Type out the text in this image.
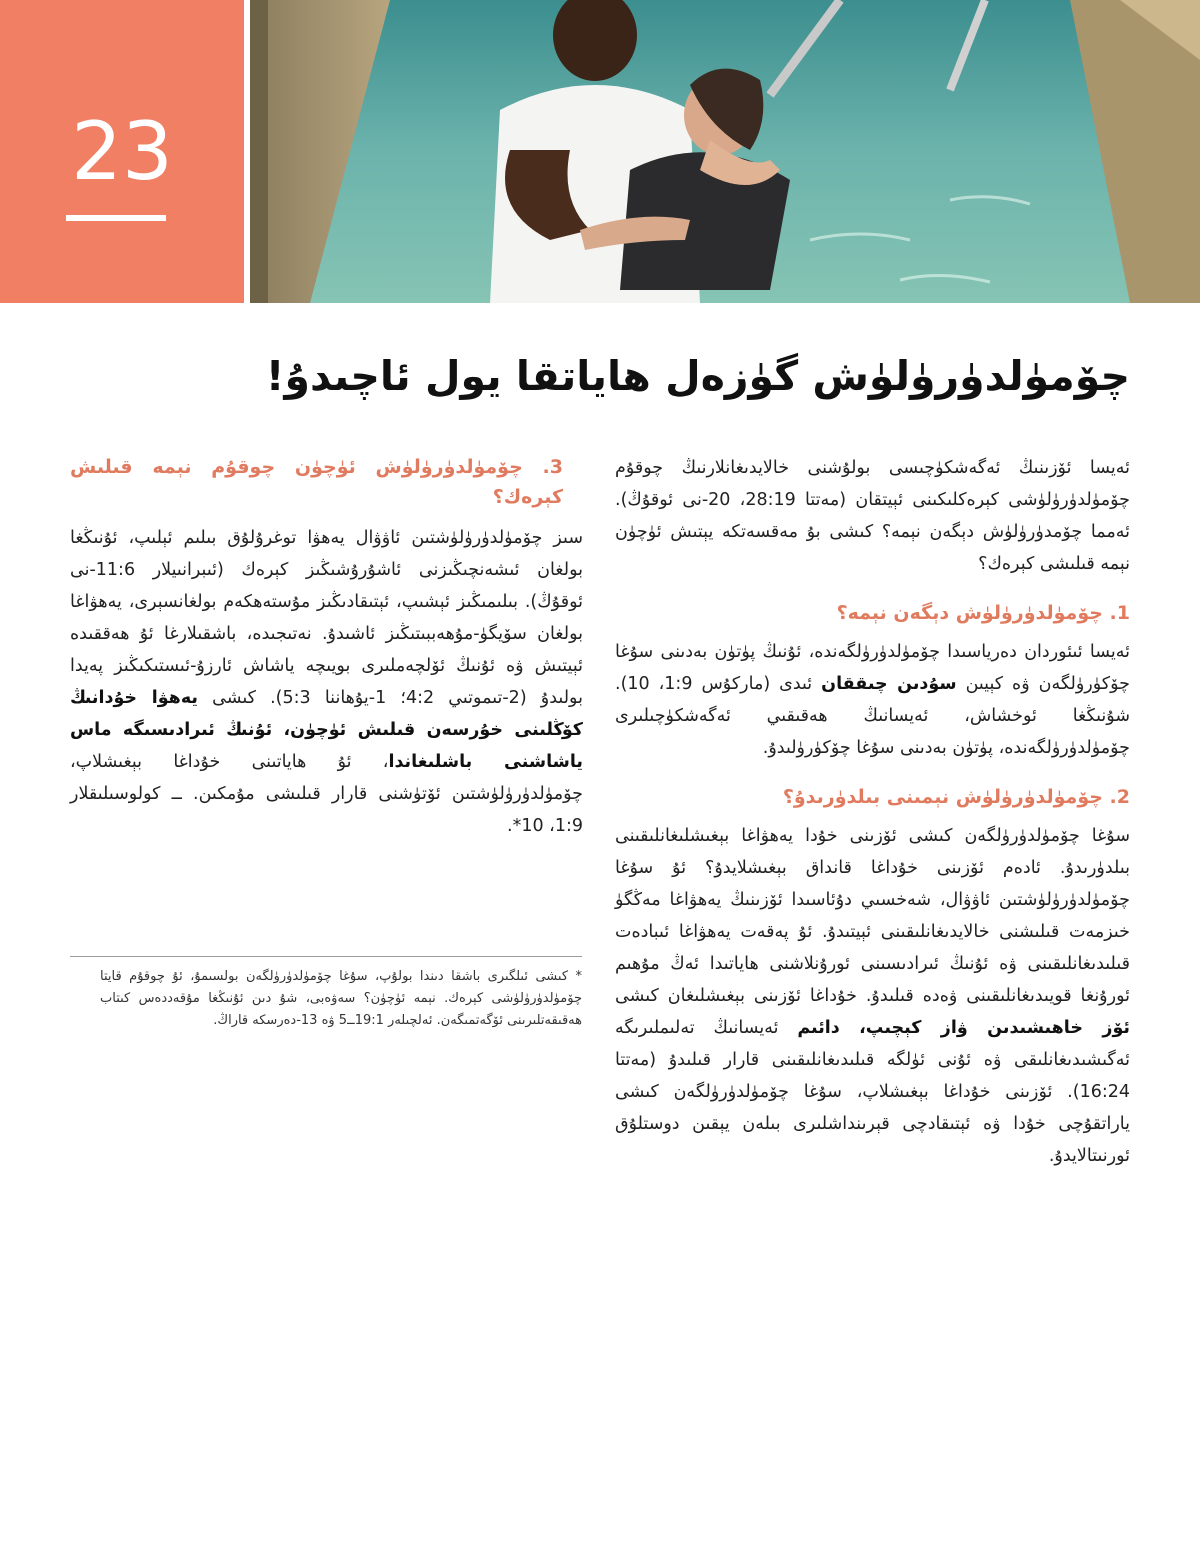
23
چۆمۈلدۈرۈلۈش گۈزەل ھاياتقا يول ئاچىدۇ!

ئەيسا ئۆزىنىڭ ئەگەشكۈچىسى بولۇشنى خالايدىغانلارنىڭ چوقۇم چۆمۈلدۈرۈلۈشى كېرەكلىكىنى ئېيتقان (مەتتا 28:19، 20-نى ئوقۇڭ). ئەمما چۆمدۈرۈلۈش دېگەن نېمە؟ كىشى بۇ مەقسەتكە يېتىش ئۈچۈن نېمە قىلىشى كېرەك؟

1. چۆمۈلدۈرۈلۈش دېگەن نېمە؟

ئەيسا ئىئوردان دەرياسىدا چۆمۈلدۈرۈلگەندە، ئۇنىڭ پۈتۈن بەدىنى سۇغا چۆكۈرۈلگەن ۋە كېيىن سۇدىن چىققان ئىدى (ماركۇس 1:9، 10). شۇنىڭغا ئوخشاش، ئەيسانىڭ ھەقىقىي ئەگەشكۈچىلىرى چۆمۈلدۈرۈلگەندە، پۈتۈن بەدىنى سۇغا چۆكۈرۈلىدۇ.

2. چۆمۈلدۈرۈلۈش نېمىنى بىلدۈرىدۇ؟

سۇغا چۆمۈلدۈرۈلگەن كىشى ئۆزىنى خۇدا يەھۋاغا بېغىشلىغانلىقىنى بىلدۈرىدۇ. ئادەم ئۆزىنى خۇداغا قانداق بېغىشلايدۇ؟ ئۇ سۇغا چۆمۈلدۈرۈلۈشتىن ئاۋۋال، شەخسىي دۇئاسىدا ئۆزىنىڭ يەھۋاغا مەڭگۈ خىزمەت قىلىشنى خالايدىغانلىقىنى ئېيتىدۇ. ئۇ پەقەت يەھۋاغا ئىبادەت قىلىدىغانلىقىنى ۋە ئۇنىڭ ئىرادىسىنى ئورۇنلاشنى ھاياتىدا ئەڭ مۇھىم ئورۇنغا قويىدىغانلىقىنى ۋەدە قىلىدۇ. خۇداغا ئۆزىنى بېغىشلىغان كىشى ئۆز خاھىشىدىن ۋاز كېچىپ، دائىم ئەيسانىڭ تەلىملىرىگە ئەگىشىدىغانلىقى ۋە ئۇنى ئۈلگە قىلىدىغانلىقىنى قارار قىلىدۇ (مەتتا 16:24). ئۆزىنى خۇداغا بېغىشلاپ، سۇغا چۆمۈلدۈرۈلگەن كىشى ياراتقۇچى خۇدا ۋە ئېتىقادچى قېرىنداشلىرى بىلەن يېقىن دوستلۇق ئورنىتالايدۇ.

3. چۆمۈلدۈرۈلۈش ئۈچۈن چوقۇم نېمە قىلىش كېرەك؟

سىز چۆمۈلدۈرۈلۈشتىن ئاۋۋال يەھۋا توغرۇلۇق بىلىم ئېلىپ، ئۇنىڭغا بولغان ئىشەنچىڭىزنى ئاشۇرۇشىڭىز كېرەك (ئىبرانىيلار 11:6-نى ئوقۇڭ). بىلىمىڭىز ئېشىپ، ئېتىقادىڭىز مۇستەھكەم بولغانسېرى، يەھۋاغا بولغان سۆيگۈ-مۇھەببىتىڭىز ئاشىدۇ. نەتىجىدە، باشقىلارغا ئۇ ھەققىدە ئېيتىش ۋە ئۇنىڭ ئۆلچەملىرى بويىچە ياشاش ئارزۇ-ئىستىكىڭىز پەيدا بولىدۇ (2-تىموتىي 4:2؛ 1-يۇھاننا 5:3). كىشى يەھۋا خۇدانىڭ كۆڭلىنى خۇرسەن قىلىش ئۈچۈن، ئۇنىڭ ئىرادىسىگە ماس ياشاشنى باشلىغاندا، ئۇ ھاياتىنى خۇداغا بېغىشلاپ، چۆمۈلدۈرۈلۈشتىن ئۆتۈشنى قارار قىلىشى مۇمكىن. ــ كولوسىلىقلار 1:9، 10*.

* كىشى ئىلگىرى باشقا دىندا بولۇپ، سۇغا چۆمۈلدۈرۈلگەن بولسىمۇ، ئۇ چوقۇم قايتا چۆمۈلدۈرۈلۈشى كېرەك. نېمە ئۈچۈن؟ سەۋەبى، شۇ دىن ئۇنىڭغا مۇقەددەس كىتاب ھەقىقەتلىرىنى ئۆگەتمىگەن. ئەلچىلەر 19:1ــ5 ۋە 13-دەرسكە قاراڭ.
